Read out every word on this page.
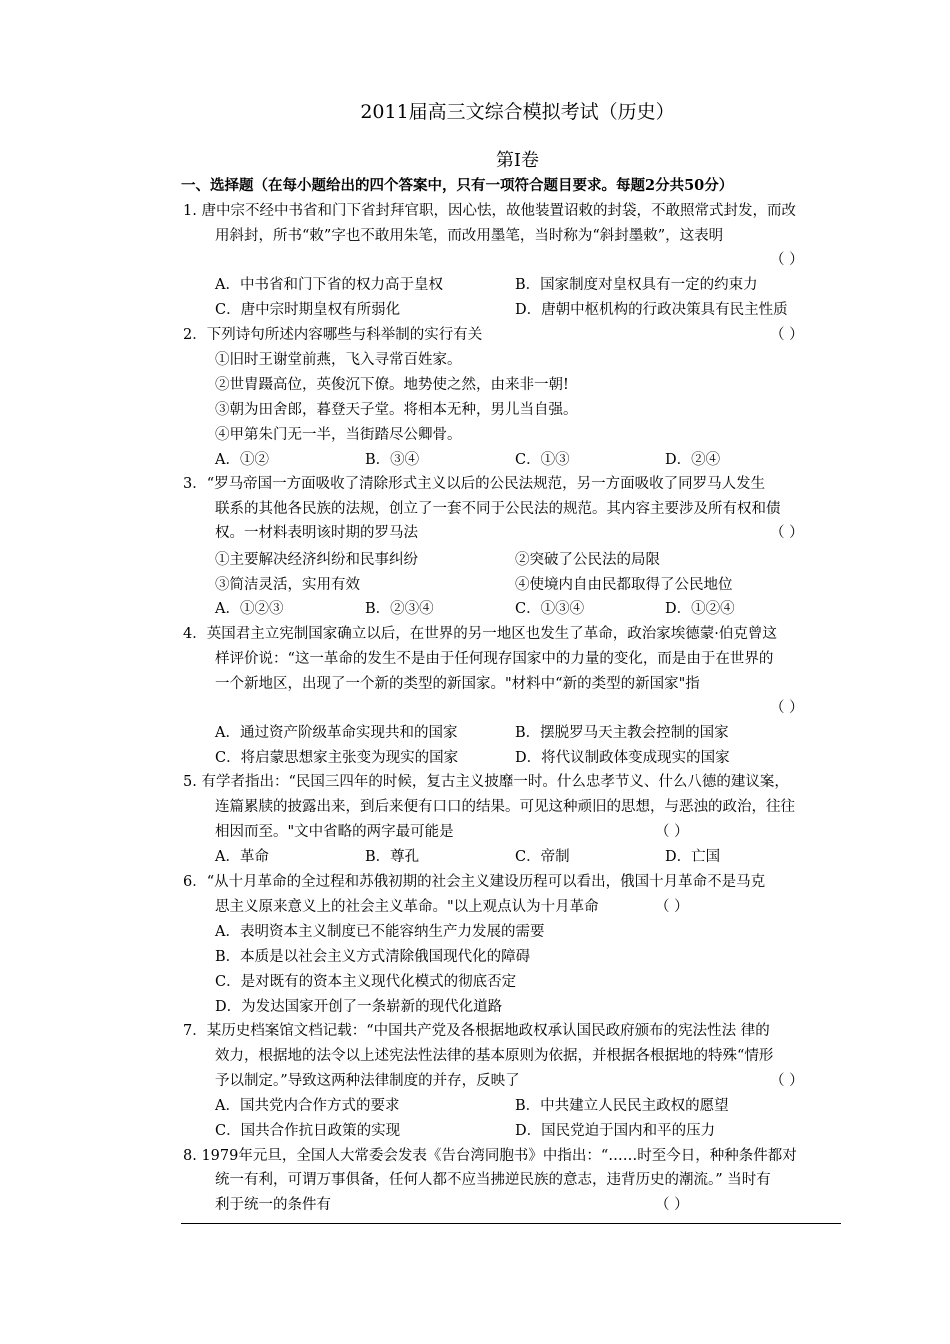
2011届高三文综合模拟考试（历史）
第Ⅰ卷
一、选择题（在每小题给出的四个答案中，只有一项符合题目要求。每题2分共50分）
1. 唐中宗不经中书省和门下省封拜官职，因心怯，故他装置诏敕的封袋，不敢照常式封发，而改
用斜封，所书“敕”字也不敢用朱笔，而改用墨笔，当时称为“斜封墨敕”，这表明
（ ）
A．中书省和门下省的权力高于皇权	B．国家制度对皇权具有一定的约束力
C．唐中宗时期皇权有所弱化	D．唐朝中枢机构的行政决策具有民主性质
2．下列诗句所述内容哪些与科举制的实行有关	（ ）
①旧时王谢堂前燕，飞入寻常百姓家。
②世胄蹑高位，英俊沉下僚。地势使之然，由来非一朝!
③朝为田舍郎，暮登天子堂。将相本无种，男儿当自强。
④甲第朱门无一半，当街踏尽公卿骨。
A．①②	B．③④	C．①③	D．②④
3．“罗马帝国一方面吸收了清除形式主义以后的公民法规范，另一方面吸收了同罗马人发生
联系的其他各民族的法规，创立了一套不同于公民法的规范。其内容主要涉及所有权和债
权。一材料表明该时期的罗马法	（ ）
①主要解决经济纠纷和民事纠纷	②突破了公民法的局限
③简洁灵活，实用有效	④使境内自由民都取得了公民地位
A．①②③	B．②③④	C．①③④	D．①②④
4．英国君主立宪制国家确立以后，在世界的另一地区也发生了革命，政治家埃德蒙·伯克曾这
样评价说：“这一革命的发生不是由于任何现存国家中的力量的变化，而是由于在世界的
一个新地区，出现了一个新的类型的新国家。"材料中“新的类型的新国家"指
（ ）
A．通过资产阶级革命实现共和的国家	B．摆脱罗马天主教会控制的国家
C．将启蒙思想家主张变为现实的国家	D．将代议制政体变成现实的国家
5. 有学者指出：“民国三四年的时候，复古主义披靡一时。什么忠孝节义、什么八德的建议案，
连篇累牍的披露出来，到后来便有口口的结果。可见这种顽旧的思想，与恶浊的政治，往往
相因而至。"文中省略的两字最可能是	（ ）
A．革命	B．尊孔	C．帝制	D．亡国
6．“从十月革命的全过程和苏俄初期的社会主义建设历程可以看出，俄国十月革命不是马克
思主义原来意义上的社会主义革命。"以上观点认为十月革命	（ ）
A．表明资本主义制度已不能容纳生产力发展的需要
B．本质是以社会主义方式清除俄国现代化的障碍
C．是对既有的资本主义现代化模式的彻底否定
D．为发达国家开创了一条崭新的现代化道路
7．某历史档案馆文档记载：“中国共产党及各根据地政权承认国民政府颁布的宪法性法 律的
效力，根据地的法令以上述宪法性法律的基本原则为依据，并根据各根据地的特殊“情形
予以制定。”导致这两种法律制度的并存，反映了	（ ）
A．国共党内合作方式的要求	B．中共建立人民民主政权的愿望
C．国共合作抗日政策的实现	D．国民党迫于国内和平的压力
8. 1979年元旦，全国人大常委会发表《告台湾同胞书》中指出：“……时至今日，种种条件都对
统一有利，可谓万事俱备，任何人都不应当拂逆民族的意志，违背历史的潮流。” 当时有
利于统一的条件有	（ ）
